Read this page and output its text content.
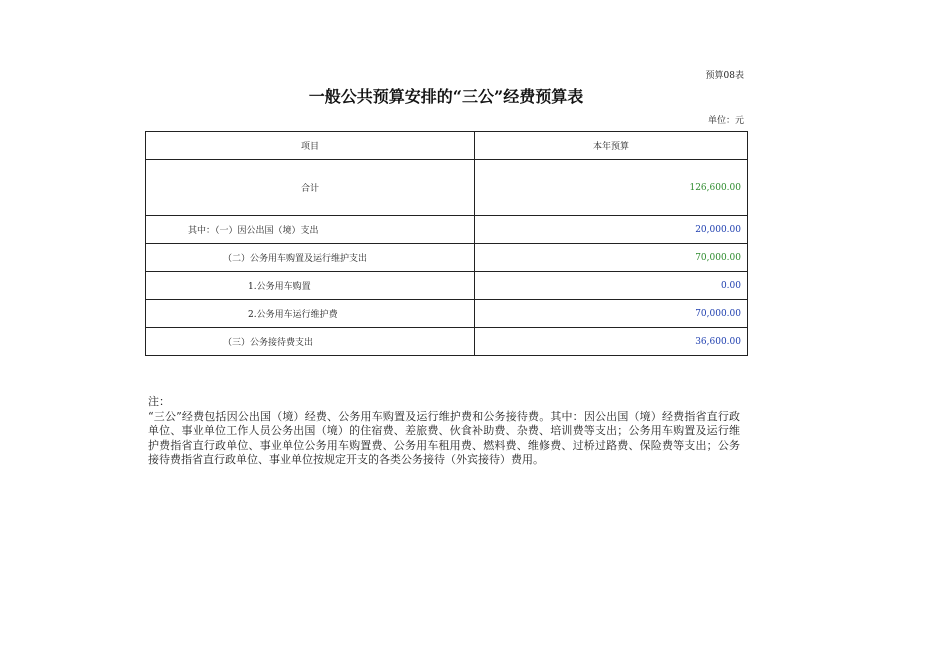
预算08表
一般公共预算安排的“三公”经费预算表
单位：元
项目	本年预算
合计	126,600.00
其中：（一）因公出国（境）支出	20,000.00
（二）公务用车购置及运行维护支出	70,000.00
1.公务用车购置	0.00
2.公务用车运行维护费	70,000.00
（三）公务接待费支出	36,600.00
注：
“三公”经费包括因公出国（境）经费、公务用车购置及运行维护费和公务接待费。其中：因公出国（境）经费指省直行政单位、事业单位工作人员公务出国（境）的住宿费、差旅费、伙食补助费、杂费、培训费等支出；公务用车购置及运行维护费指省直行政单位、事业单位公务用车购置费、公务用车租用费、燃料费、维修费、过桥过路费、保险费等支出；公务接待费指省直行政单位、事业单位按规定开支的各类公务接待（外宾接待）费用。
